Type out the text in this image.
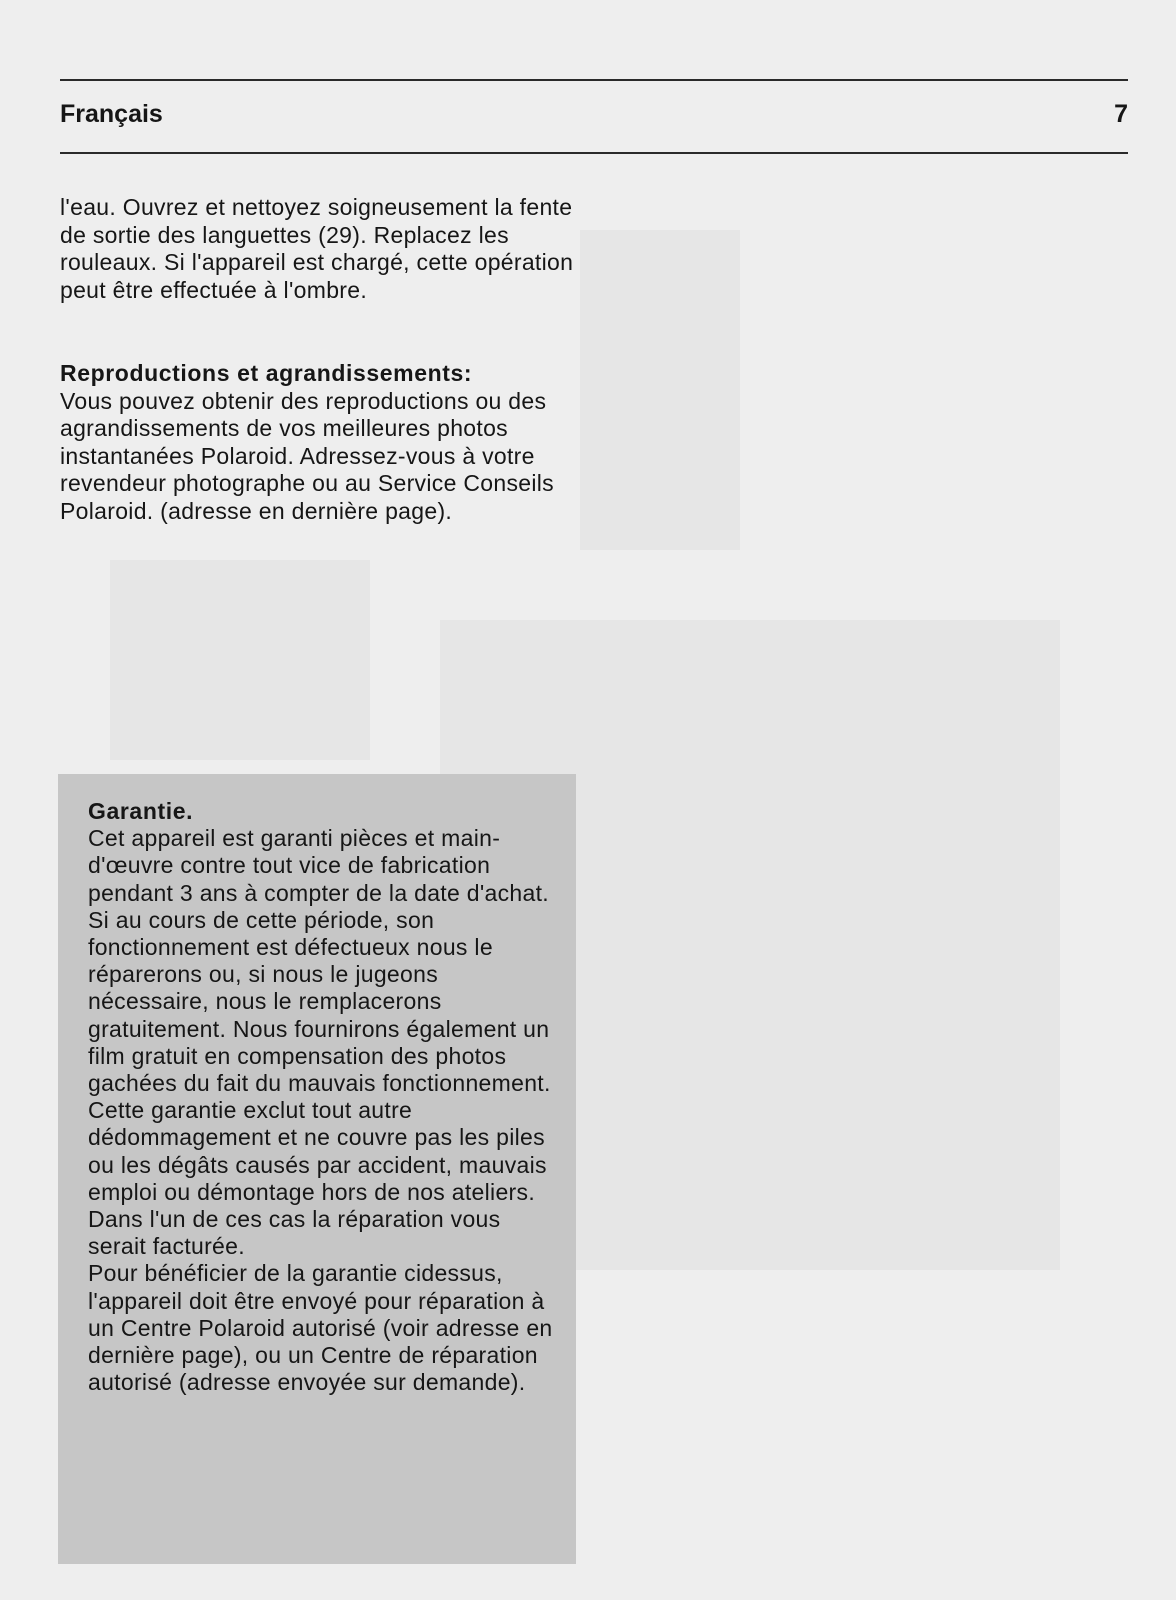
Français	7

l'eau. Ouvrez et nettoyez soigneusement la fente de sortie des languettes (29). Replacez les rouleaux. Si l'appareil est chargé, cette opération peut être effectuée à l'ombre.

Reproductions et agrandissements:

Vous pouvez obtenir des reproductions ou des agrandissements de vos meilleures photos instantanées Polaroid. Adressez-vous à votre revendeur photographe ou au Service Conseils Polaroid. (adresse en dernière page).

Garantie.

Cet appareil est garanti pièces et main-d'œuvre contre tout vice de fabrication pendant 3 ans à compter de la date d'achat. Si au cours de cette période, son fonctionnement est défectueux nous le réparerons ou, si nous le jugeons nécessaire, nous le remplacerons gratuitement. Nous fournirons également un film gratuit en compensation des photos gachées du fait du mauvais fonctionnement.

Cette garantie exclut tout autre dédommagement et ne couvre pas les piles ou les dégâts causés par accident, mauvais emploi ou démontage hors de nos ateliers. Dans l'un de ces cas la réparation vous serait facturée.

Pour bénéficier de la garantie cidessus, l'appareil doit être envoyé pour réparation à un Centre Polaroid autorisé (voir adresse en dernière page), ou un Centre de réparation autorisé (adresse envoyée sur demande).
